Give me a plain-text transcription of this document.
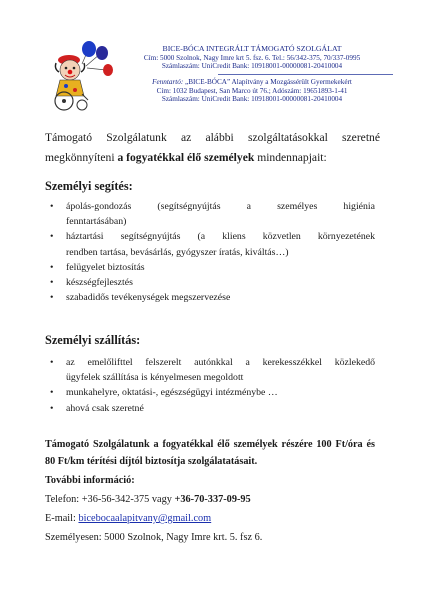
BICE-BÓCA INTEGRÁLT TÁMOGATÓ SZOLGÁLAT
Cím: 5000 Szolnok, Nagy Imre krt 5. fsz. 6. Tel.: 56/342-375, 70/337-0995
Számlaszám: UniCredit Bank: 10918001-00000081-20410004
Fenntartó: „BICE-BÓCA” Alapítvány a Mozgássérült Gyermekekért
Cím: 1032 Budapest, San Marco út 76.; Adószám: 19651893-1-41
Számlaszám: UniCredit Bank: 10918001-00000081-20410004
Támogató Szolgálatunk az alábbi szolgáltatásokkal szeretné megkönnyíteni a fogyatékkal élő személyek mindennapjait:
Személyi segítés:
• ápolás-gondozás (segítségnyújtás a személyes higiénia
fenntartásában)
• háztartási segítségnyújtás (a kliens közvetlen környezetének
rendben tartása, bevásárlás, gyógyszer íratás, kiváltás…)
• felügyelet biztosítás
• készségfejlesztés
• szabadidős tevékenységek megszervezése
Személyi szállítás:
• az emelőlifttel felszerelt autónkkal a kerekesszékkel közlekedő
ügyfelek szállítása is kényelmesen megoldott
• munkahelyre, oktatási-, egészségügyi intézménybe …
• ahová csak szeretné
Támogató Szolgálatunk a fogyatékkal élő személyek részére 100 Ft/óra és 80 Ft/km térítési díjtól biztosítja szolgálatatásait.
További információ:
Telefon: +36-56-342-375 vagy +36-70-337-09-95
E-mail: bicebocaalapitvany@gmail.com
Személyesen: 5000 Szolnok, Nagy Imre krt. 5. fsz 6.
